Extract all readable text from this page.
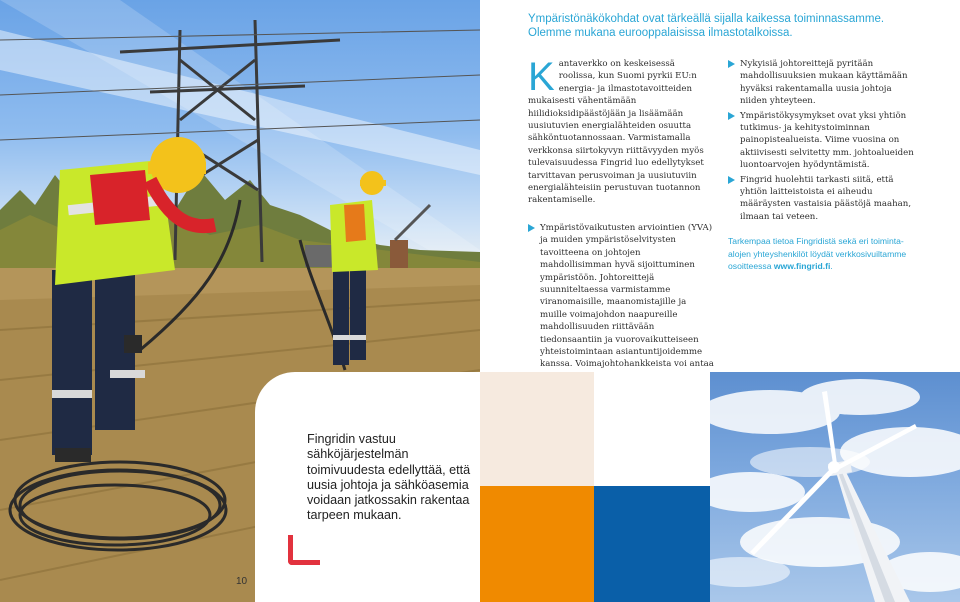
Fingridin vastuu sähköjärjestelmän toimivuudesta edellyttää, että uusia johtoja ja sähköasemia voidaan jatkossakin rakentaa tarpeen mukaan.

10

Ympäristönäkökohdat ovat tärkeällä sijalla kaikessa toiminnassamme. Olemme mukana eurooppalaisissa ilmastotalkoissa.

Kantaverkko on keskeisessä roolissa, kun Suomi pyrkii EU:n energia- ja ilmastotavoitteiden mukaisesti vähentämään hiilidioksidipäästöjään ja lisäämään uusiutuvien energialähteiden osuutta sähköntuotannossaan. Varmistamalla verkkonsa siirtokyvyn riittävyyden myös tulevaisuudessa Fingrid luo edellytykset tarvittavan perusvoiman ja uusiutuviin energialähteisiin perustuvan tuotannon rakentamiselle.

Ympäristövaikutusten arviointien (YVA) ja muiden ympäristöselvitysten tavoitteena on johtojen mahdollisimman hyvä sijoittuminen ympäristöön. Johtoreittejä suunniteltaessa varmistamme viranomaisille, maanomistajille ja muille voimajohdon naapureille mahdollisuuden riittävään tiedonsaantiin ja vuorovaikutteiseen yhteistoimintaan asiantuntijoidemme kanssa. Voimajohtohankkeista voi antaa
Nykyisiä johtoreittejä pyritään mahdollisuuksien mukaan käyttämään hyväksi rakentamalla uusia johtoja niiden yhteyteen.
Ympäristökysymykset ovat yksi yhtiön tutkimus- ja kehitystoiminnan painopistealueista. Viime vuosina on aktiivisesti selvitetty mm. johtoalueiden luontoarvojen hyödyntämistä.
Fingrid huolehtii tarkasti siitä, että yhtiön laitteistoista ei aiheudu määräysten vastaisia päästöjä maahan, ilmaan tai veteen.

Tarkempaa tietoa Fingridistä sekä eri toiminta-alojen yhteyshenkilöt löydät verkkosivuiltamme osoitteessa www.fingrid.fi.
